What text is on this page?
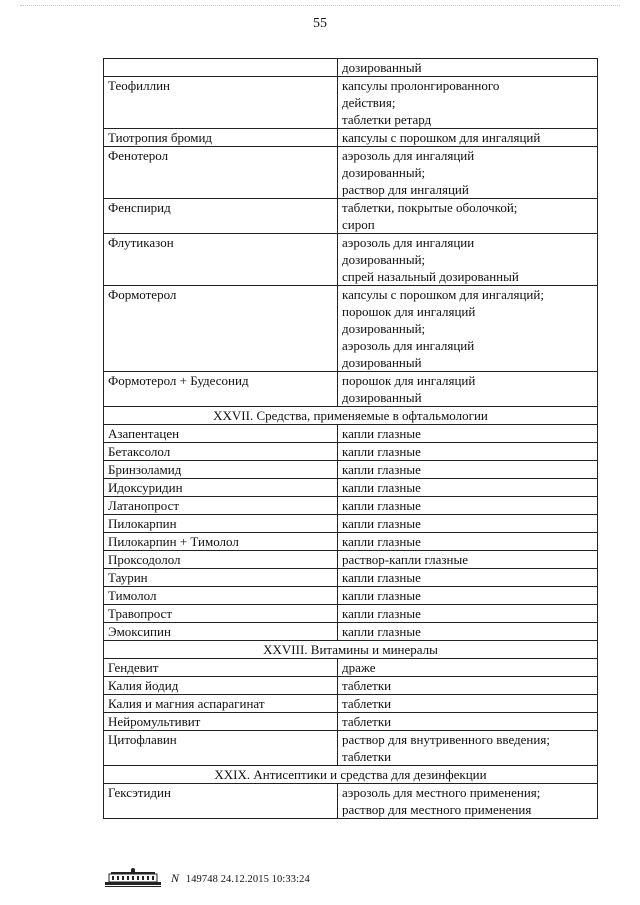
55

	дозированный

Теофиллин	капсулы пролонгированного
действия;
таблетки ретард

Тиотропия бромид	капсулы с порошком для ингаляций

Фенотерол	аэрозоль для ингаляций
дозированный;
раствор для ингаляций

Фенспирид	таблетки, покрытые оболочкой;
сироп

Флутиказон	аэрозоль для ингаляции
дозированный;
спрей назальный дозированный

Формотерол	капсулы с порошком для ингаляций;
порошок для ингаляций
дозированный;
аэрозоль для ингаляций
дозированный

Формотерол + Будесонид	порошок для ингаляций
дозированный

XXVII. Средства, применяемые в офтальмологии	
Азапентацен	капли глазные

Бетаксолол	капли глазные

Бринзоламид	капли глазные

Идоксуридин	капли глазные

Латанопрост	капли глазные

Пилокарпин	капли глазные

Пилокарпин + Тимолол	капли глазные

Проксодолол	раствор-капли глазные

Таурин	капли глазные

Тимолол	капли глазные

Травопрост	капли глазные

Эмоксипин	капли глазные

XXVIII. Витамины и минералы	
Гендевит	драже

Калия йодид	таблетки

Калия и магния аспарагинат	таблетки

Нейромультивит	таблетки

Цитофлавин	раствор для внутривенного введения;
таблетки

XXIX. Антисептики и средства для дезинфекции	
Гексэтидин	аэрозоль для местного применения;
раствор для местного применения
N 149748 24.12.2015 10:33:24
